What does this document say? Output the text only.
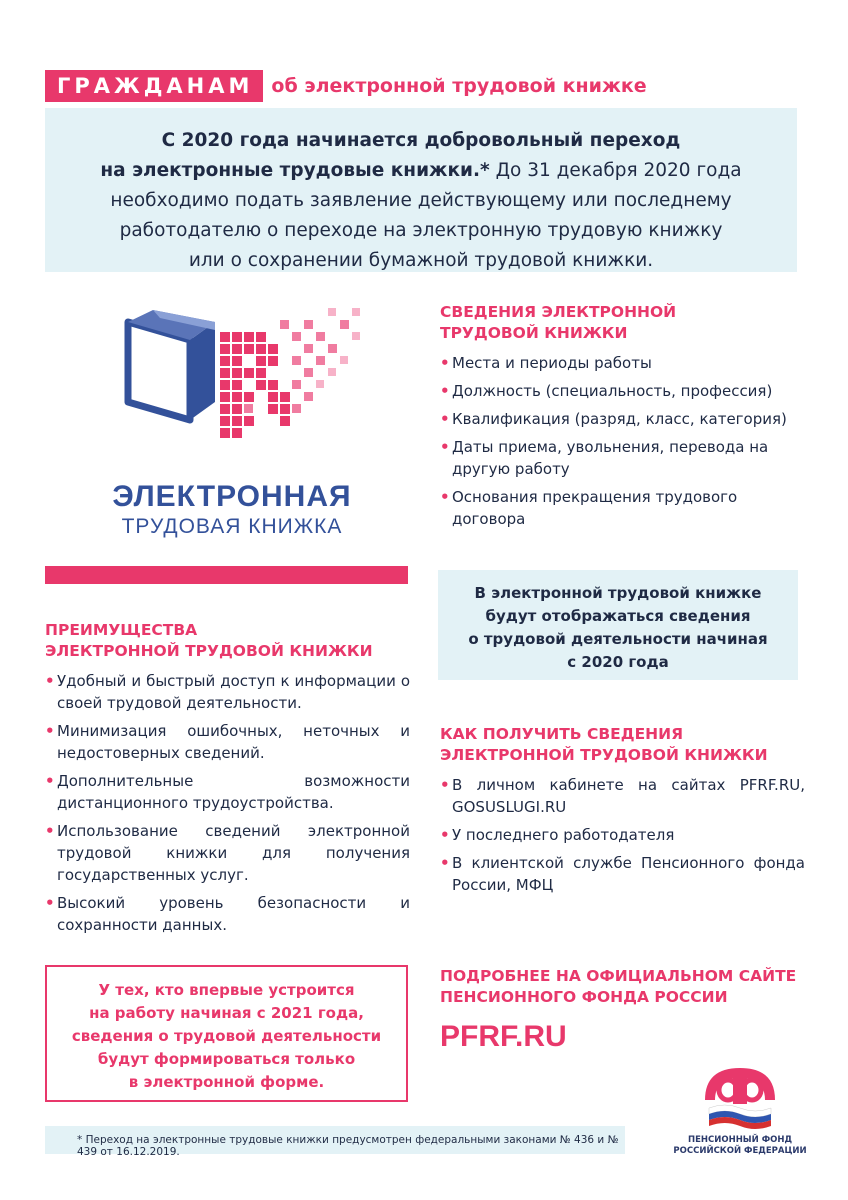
ГРАЖДАНАМ об электронной трудовой книжке
С 2020 года начинается добровольный переход
на электронные трудовые книжки.* До 31 декабря 2020 года
необходимо подать заявление действующему или последнему
работодателю о переходе на электронную трудовую книжку
или о сохранении бумажной трудовой книжки.
ЭЛЕКТРОННАЯ
ТРУДОВАЯ КНИЖКА
СВЕДЕНИЯ ЭЛЕКТРОННОЙ
ТРУДОВОЙ КНИЖКИ
• Места и периоды работы
• Должность (специальность, профессия)
• Квалификация (разряд, класс, категория)
• Даты приема, увольнения, перевода на другую работу
• Основания прекращения трудового договора
В электронной трудовой книжке
будут отображаться сведения
о трудовой деятельности начиная
с 2020 года
ПРЕИМУЩЕСТВА
ЭЛЕКТРОННОЙ ТРУДОВОЙ КНИЖКИ
• Удобный и быстрый доступ к информации о своей трудовой деятельности.
• Минимизация ошибочных, неточных и недостоверных сведений.
• Дополнительные возможности дистанционного трудоустройства.
• Использование сведений электронной трудовой книжки для получения государственных услуг.
• Высокий уровень безопасности и сохранности данных.
КАК ПОЛУЧИТЬ СВЕДЕНИЯ
ЭЛЕКТРОННОЙ ТРУДОВОЙ КНИЖКИ
• В личном кабинете на сайтах PFRF.RU, GOSUSLUGI.RU
• У последнего работодателя
• В клиентской службе Пенсионного фонда России, МФЦ
У тех, кто впервые устроится
на работу начиная с 2021 года,
сведения о трудовой деятельности
будут формироваться только
в электронной форме.
ПОДРОБНЕЕ НА ОФИЦИАЛЬНОМ САЙТЕ
ПЕНСИОННОГО ФОНДА РОССИИ
PFRF.RU
ПЕНСИОННЫЙ ФОНД
РОССИЙСКОЙ ФЕДЕРАЦИИ
* Переход на электронные трудовые книжки предусмотрен федеральными законами № 436 и № 439 от 16.12.2019.
